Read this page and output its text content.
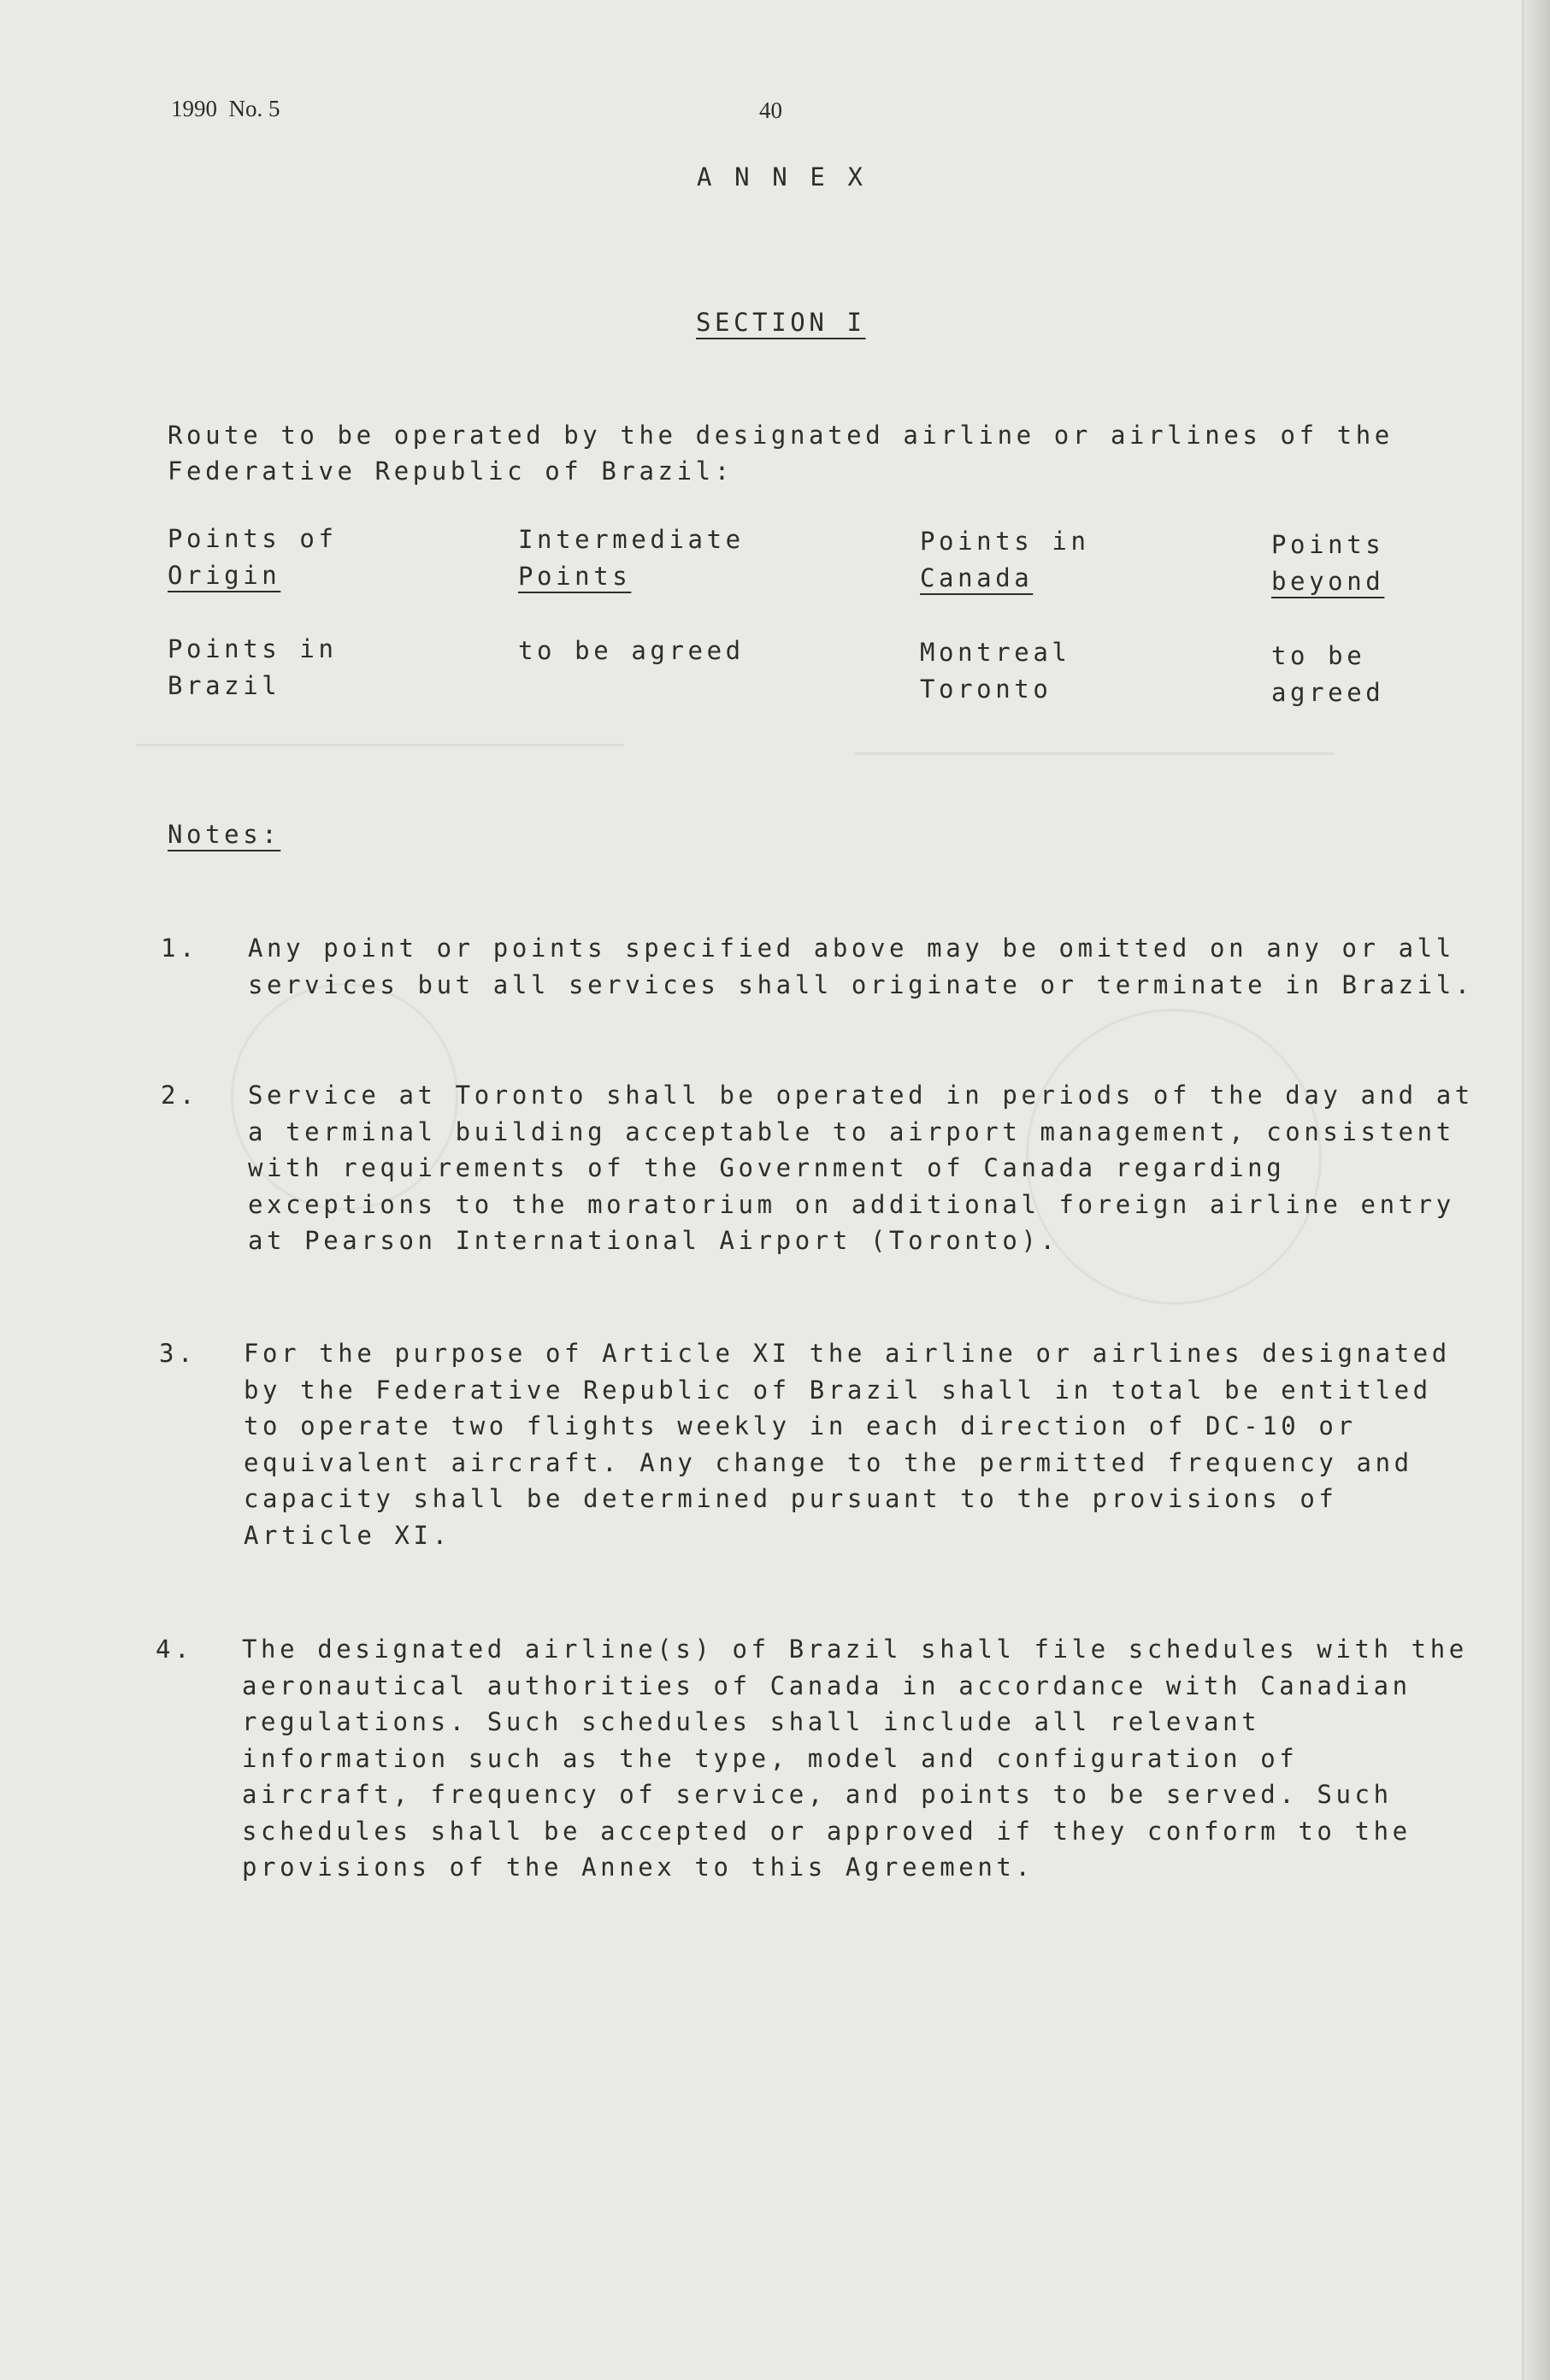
1990  No. 5	40
A N N E X
SECTION I
Route to be operated by the designated airline or airlines of the
Federative Republic of Brazil:
Points of
Origin
Intermediate
Points
Points in
Canada
Points
beyond
Points in
Brazil
to be agreed	Montreal
Toronto
to be
agreed
Notes:
1. Any point or points specified above may be omitted on any or all
services but all services shall originate or terminate in Brazil.
2. Service at Toronto shall be operated in periods of the day and at
a terminal building acceptable to airport management, consistent
with requirements of the Government of Canada regarding
exceptions to the moratorium on additional foreign airline entry
at Pearson International Airport (Toronto).
3. For the purpose of Article XI the airline or airlines designated
by the Federative Republic of Brazil shall in total be entitled
to operate two flights weekly in each direction of DC-10 or
equivalent aircraft. Any change to the permitted frequency and
capacity shall be determined pursuant to the provisions of
Article XI.
4. The designated airline(s) of Brazil shall file schedules with the
aeronautical authorities of Canada in accordance with Canadian
regulations. Such schedules shall include all relevant
information such as the type, model and configuration of
aircraft, frequency of service, and points to be served. Such
schedules shall be accepted or approved if they conform to the
provisions of the Annex to this Agreement.
